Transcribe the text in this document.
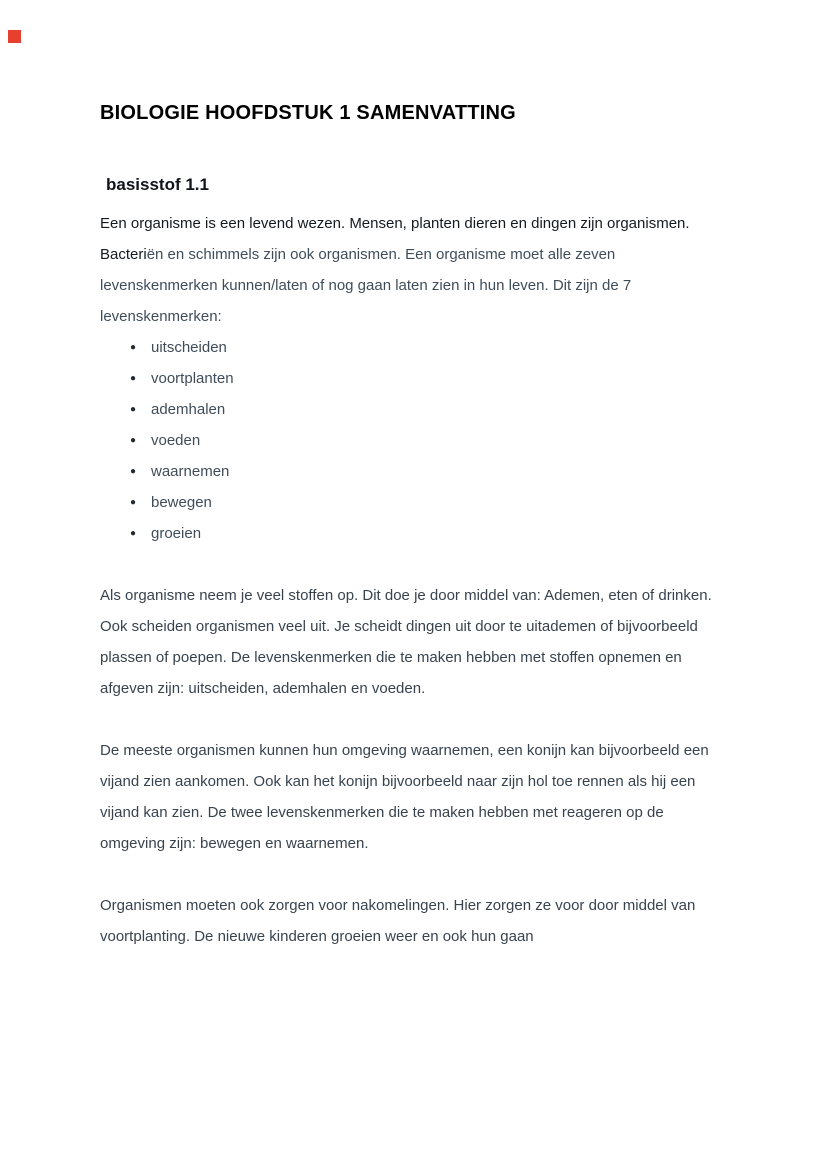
BIOLOGIE HOOFDSTUK 1 SAMENVATTING
basisstof 1.1

Een organisme is een levend wezen. Mensen, planten dieren en dingen zijn organismen. Bacteriën en schimmels zijn ook organismen. Een organisme moet alle zeven levenskenmerken kunnen/laten of nog gaan laten zien in hun leven. Dit zijn de 7 levenskenmerken:

● uitscheiden
● voortplanten
● ademhalen
● voeden
● waarnemen
● bewegen
● groeien

Als organisme neem je veel stoffen op. Dit doe je door middel van: Ademen, eten of drinken. Ook scheiden organismen veel uit. Je scheidt dingen uit door te uitademen of bijvoorbeeld plassen of poepen. De levenskenmerken die te maken hebben met stoffen opnemen en afgeven zijn: uitscheiden, ademhalen en voeden.

De meeste organismen kunnen hun omgeving waarnemen, een konijn kan bijvoorbeeld een vijand zien aankomen. Ook kan het konijn bijvoorbeeld naar zijn hol toe rennen als hij een vijand kan zien. De twee levenskenmerken die te maken hebben met reageren op de omgeving zijn: bewegen en waarnemen.

Organismen moeten ook zorgen voor nakomelingen. Hier zorgen ze voor door middel van voortplanting. De nieuwe kinderen groeien weer en ook hun gaan
